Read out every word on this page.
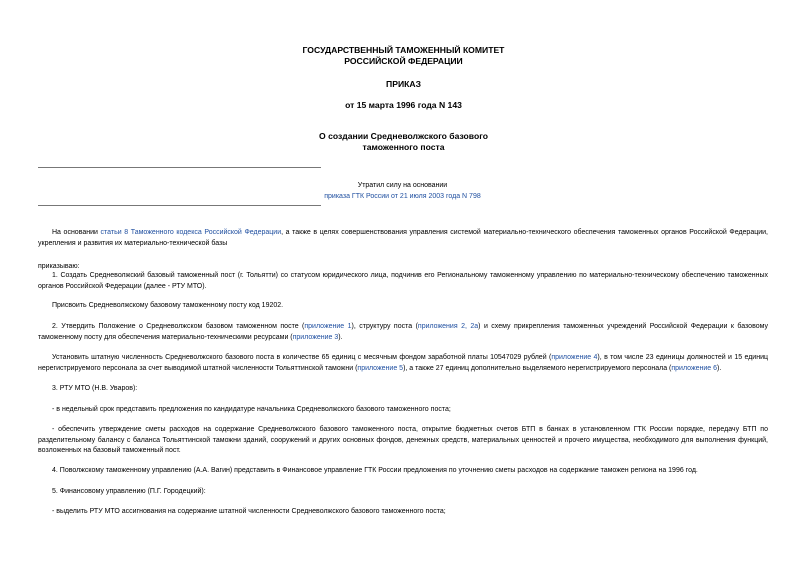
ГОСУДАРСТВЕННЫЙ ТАМОЖЕННЫЙ КОМИТЕТ
РОССИЙСКОЙ ФЕДЕРАЦИИ
ПРИКАЗ
от 15 марта 1996 года N 143
О создании Средневолжского базового
таможенного поста
Утратил силу на основании
приказа ГТК России от 21 июля 2003 года N 798
На основании статьи 8 Таможенного кодекса Российской Федерации, а также в целях совершенствования управления системой материально-технического обеспечения таможенных органов Российской Федерации, укрепления и развития их материально-технической базы
приказываю:
1. Создать Средневолжский базовый таможенный пост (г. Тольятти) со статусом юридического лица, подчинив его Региональному таможенному управлению по материально-техническому обеспечению таможенных органов Российской Федерации (далее - РТУ МТО).
Присвоить Средневолжскому базовому таможенному посту код 19202.
2. Утвердить Положение о Средневолжском базовом таможенном посте (приложение 1), структуру поста (приложения 2, 2а) и схему прикрепления таможенных учреждений Российской Федерации к базовому таможенному посту для обеспечения материально-техническими ресурсами (приложение 3).
Установить штатную численность Средневолжского базового поста в количестве 65 единиц с месячным фондом заработной платы 10547029 рублей (приложение 4), в том числе 23 единицы должностей и 15 единиц нерегистрируемого персонала за счет выводимой штатной численности Тольяттинской таможни (приложение 5), а также 27 единиц дополнительно выделяемого нерегистрируемого персонала (приложение 6).
3. РТУ МТО (Н.В. Уваров):
- в недельный срок представить предложения по кандидатуре начальника Средневолжского базового таможенного поста;
- обеспечить утверждение сметы расходов на содержание Средневолжского базового таможенного поста, открытие бюджетных счетов БТП в банках в установленном ГТК России порядке, передачу БТП по разделительному балансу с баланса Тольяттинской таможни зданий, сооружений и других основных фондов, денежных средств, материальных ценностей и прочего имущества, необходимого для выполнения функций, возложенных на базовый таможенный пост.
4. Поволжскому таможенному управлению (А.А. Вагин) представить в Финансовое управление ГТК России предложения по уточнению сметы расходов на содержание таможен региона на 1996 год.
5. Финансовому управлению (П.Г. Городецкий):
- выделить РТУ МТО ассигнования на содержание штатной численности Средневолжского базового таможенного поста;
